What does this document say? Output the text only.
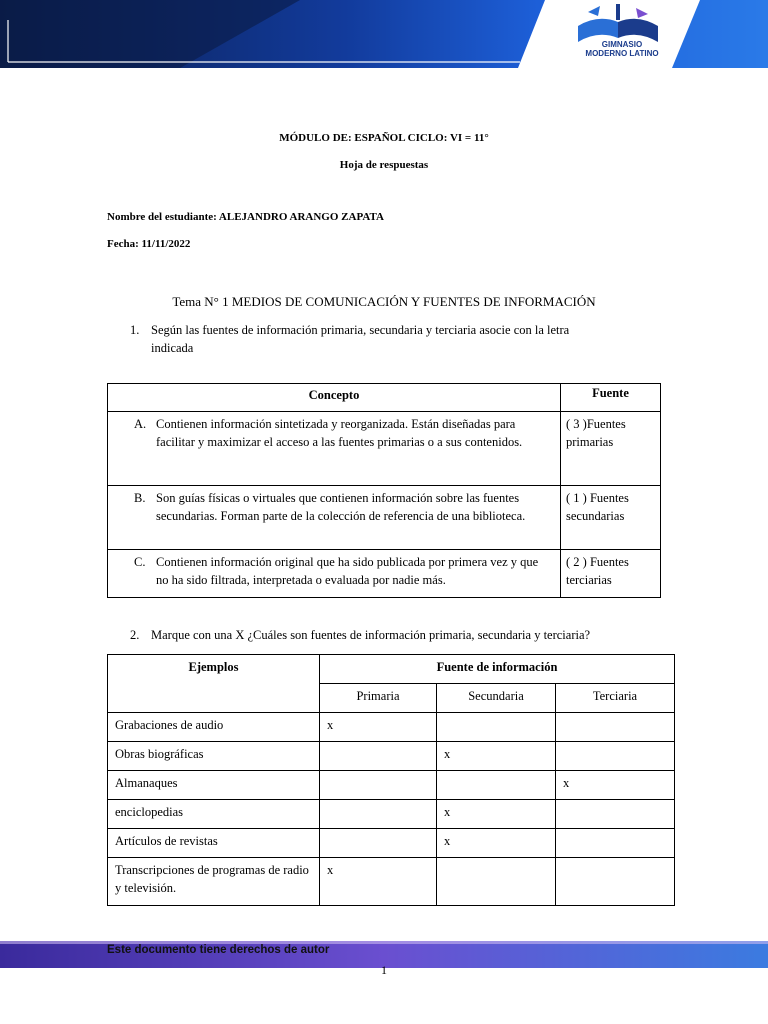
GIMNASIO
MODERNO LATINO
MÓDULO DE: ESPAÑOL CICLO: VI = 11°
Hoja de respuestas
Nombre del estudiante: ALEJANDRO ARANGO ZAPATA
Fecha: 11/11/2022
Tema N° 1 MEDIOS DE COMUNICACIÓN Y FUENTES DE INFORMACIÓN
1. Según las fuentes de información primaria, secundaria y terciaria asocie con la letra
indicada
Concepto	Fuente

A. Contienen información sintetizada y reorganizada. Están diseñadas para facilitar y maximizar el acceso a las fuentes primarias o a sus contenidos.	( 3 )Fuentes primarias

B. Son guías físicas o virtuales que contienen información sobre las fuentes secundarias. Forman parte de la colección de referencia de una biblioteca.	( 1 ) Fuentes secundarias

C. Contienen información original que ha sido publicada por primera vez y que no ha sido filtrada, interpretada o evaluada por nadie más.	( 2 ) Fuentes terciarias
2. Marque con una X ¿Cuáles son fuentes de información primaria, secundaria y terciaria?
Ejemplos	Fuente de información		
	Primaria	Secundaria	Terciaria
Grabaciones de audio	x		
Obras biográficas		x	
Almanaques			x
enciclopedias		x	
Artículos de revistas		x	
Transcripciones de programas de radio y televisión.	x		
Este documento tiene derechos de autor
1
